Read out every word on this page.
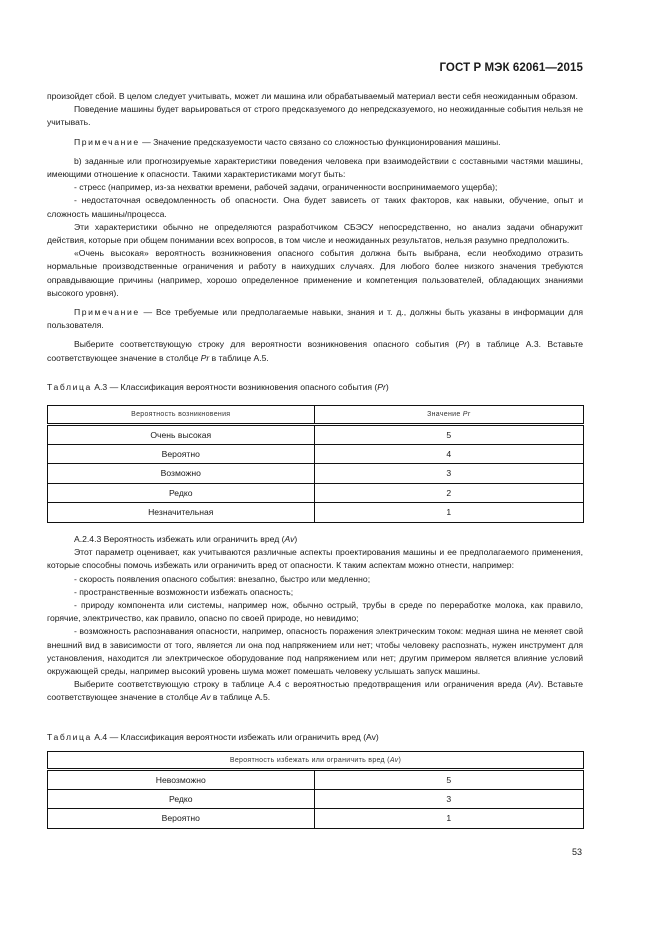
ГОСТ Р МЭК 62061—2015

произойдет сбой. В целом следует учитывать, может ли машина или обрабатываемый материал вести себя неожиданным образом.

Поведение машины будет варьироваться от строго предсказуемого до непредсказуемого, но неожиданные события нельзя не учитывать.

Примечание — Значение предсказуемости часто связано со сложностью функционирования машины.

b) заданные или прогнозируемые характеристики поведения человека при взаимодействии с составными частями машины, имеющими отношение к опасности. Такими характеристиками могут быть:

- стресс (например, из-за нехватки времени, рабочей задачи, ограниченности воспринимаемого ущерба);

- недостаточная осведомленность об опасности. Она будет зависеть от таких факторов, как навыки, обучение, опыт и сложность машины/процесса.

Эти характеристики обычно не определяются разработчиком СБЭСУ непосредственно, но анализ задачи обнаружит действия, которые при общем понимании всех вопросов, в том числе и неожиданных результатов, нельзя разумно предположить.

«Очень высокая» вероятность возникновения опасного события должна быть выбрана, если необходимо отразить нормальные производственные ограничения и работу в наихудших случаях. Для любого более низкого значения требуются оправдывающие причины (например, хорошо определенное применение и компетенция пользователей, обладающих знаниями высокого уровня).

Примечание — Все требуемые или предполагаемые навыки, знания и т. д., должны быть указаны в информации для пользователя.

Выберите соответствующую строку для вероятности возникновения опасного события (Pr) в таблице А.3. Вставьте соответствующее значение в столбце Pr в таблице А.5.

Таблица А.3 — Классификация вероятности возникновения опасного события (Pr)
Вероятность возникновения	Значение Pr
Очень высокая	5
Вероятно	4
Возможно	3
Редко	2
Незначительная	1

А.2.4.3 Вероятность избежать или ограничить вред (Av)

Этот параметр оценивает, как учитываются различные аспекты проектирования машины и ее предполагаемого применения, которые способны помочь избежать или ограничить вред от опасности. К таким аспектам можно отнести, например:

- скорость появления опасного события: внезапно, быстро или медленно;

- пространственные возможности избежать опасность;

- природу компонента или системы, например нож, обычно острый, трубы в среде по переработке молока, как правило, горячие, электричество, как правило, опасно по своей природе, но невидимо;

- возможность распознавания опасности, например, опасность поражения электрическим током: медная шина не меняет свой внешний вид в зависимости от того, является ли она под напряжением или нет; чтобы человеку распознать, нужен инструмент для установления, находится ли электрическое оборудование под напряжением или нет; другим примером является влияние условий окружающей среды, например высокий уровень шума может помешать человеку услышать запуск машины.

Выберите соответствующую строку в таблице А.4 с вероятностью предотвращения или ограничения вреда (Av). Вставьте соответствующее значение в столбце Av в таблице А.5.

Таблица А.4 — Классификация вероятности избежать или ограничить вред (Av)
Вероятность избежать или ограничить вред (Av)	
Невозможно	5
Редко	3
Вероятно	1
53
